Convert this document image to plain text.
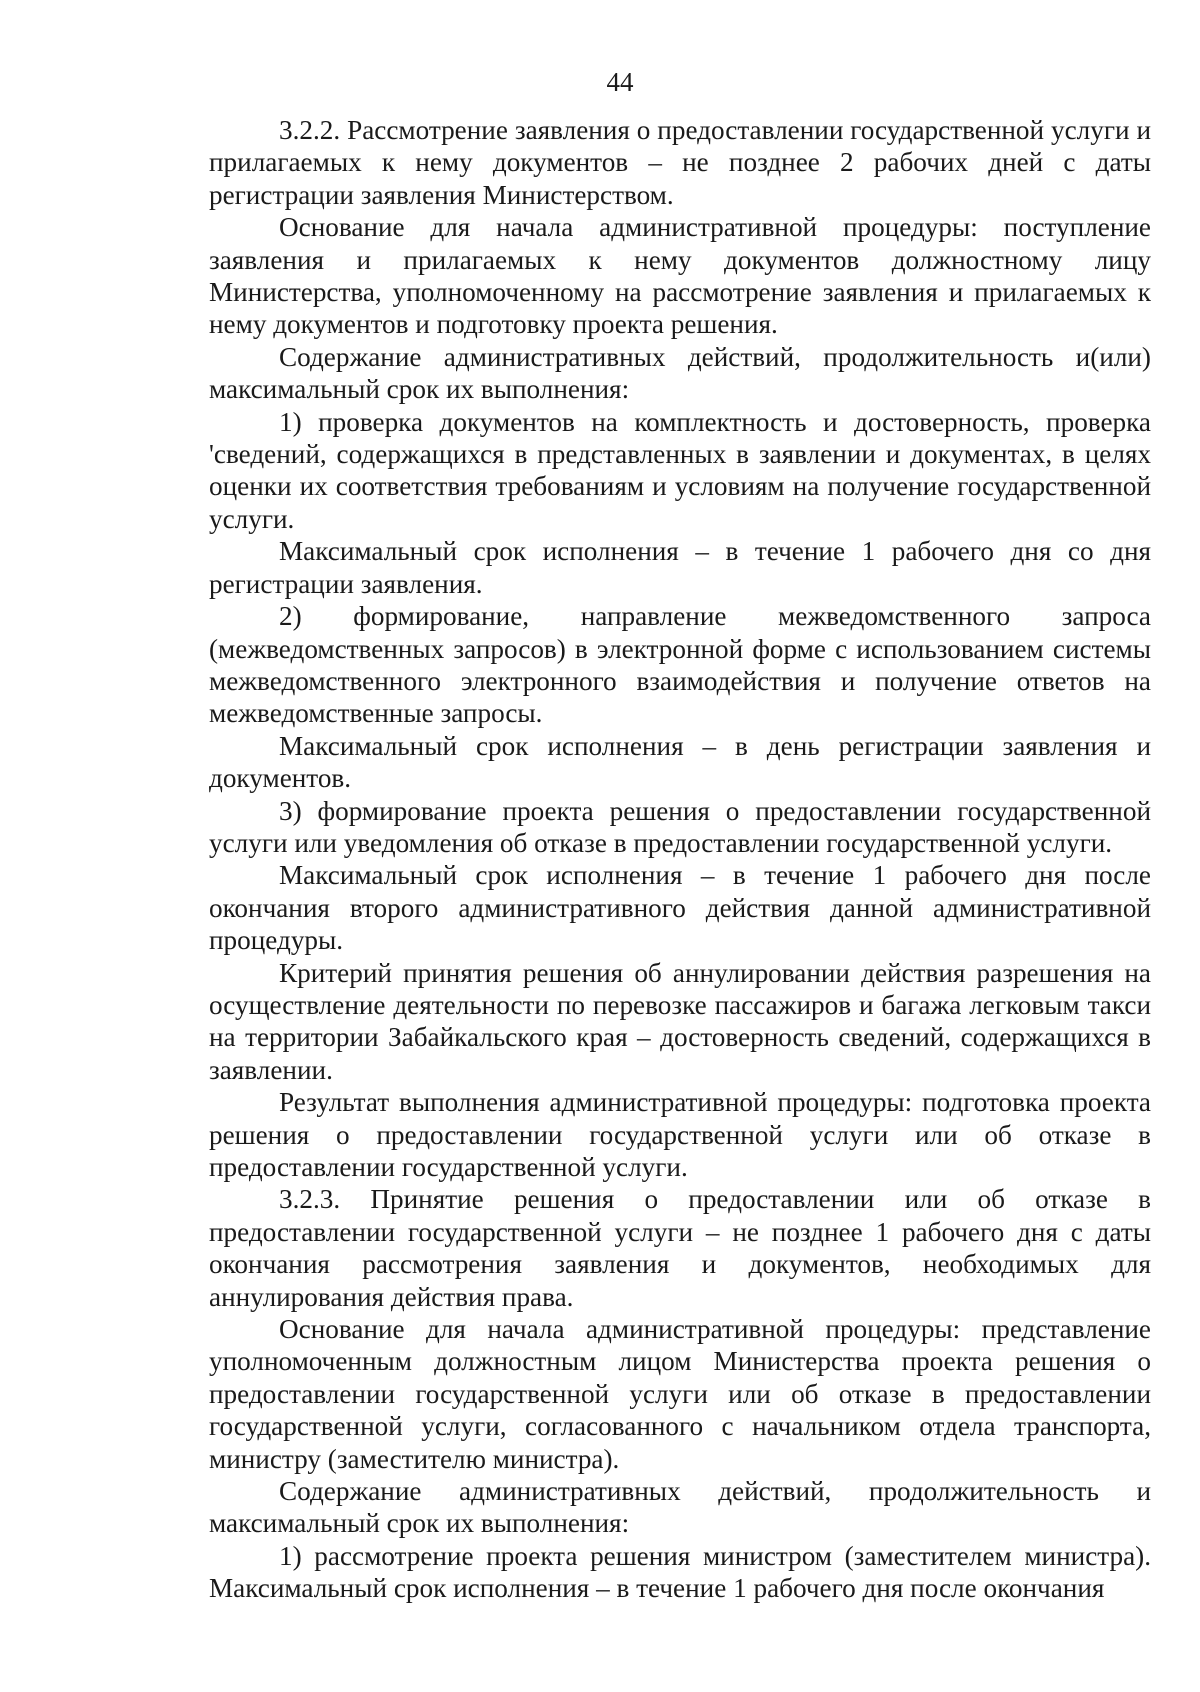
44

3.2.2. Рассмотрение заявления о предоставлении государственной услуги и прилагаемых к нему документов – не позднее 2 рабочих дней с даты регистрации заявления Министерством.

Основание для начала административной процедуры: поступление заявления и прилагаемых к нему документов должностному лицу Министерства, уполномоченному на рассмотрение заявления и прилагаемых к нему документов и подготовку проекта решения.

Содержание административных действий, продолжительность и(или) максимальный срок их выполнения:

1) проверка документов на комплектность и достоверность, проверка 'сведений, содержащихся в представленных в заявлении и документах, в целях оценки их соответствия требованиям и условиям на получение государственной услуги.

Максимальный срок исполнения – в течение 1 рабочего дня со дня регистрации заявления.

2) формирование, направление межведомственного запроса (межведомственных запросов) в электронной форме с использованием системы межведомственного электронного взаимодействия и получение ответов на межведомственные запросы.

Максимальный срок исполнения – в день регистрации заявления и документов.

3) формирование проекта решения о предоставлении государственной услуги или уведомления об отказе в предоставлении государственной услуги.

Максимальный срок исполнения – в течение 1 рабочего дня после окончания второго административного действия данной административной процедуры.

Критерий принятия решения об аннулировании действия разрешения на осуществление деятельности по перевозке пассажиров и багажа легковым такси на территории Забайкальского края – достоверность сведений, содержащихся в заявлении.

Результат выполнения административной процедуры: подготовка проекта решения о предоставлении государственной услуги или об отказе в предоставлении государственной услуги.

3.2.3. Принятие решения о предоставлении или об отказе в предоставлении государственной услуги – не позднее 1 рабочего дня с даты окончания рассмотрения заявления и документов, необходимых для аннулирования действия права.

Основание для начала административной процедуры: представление уполномоченным должностным лицом Министерства проекта решения о предоставлении государственной услуги или об отказе в предоставлении государственной услуги, согласованного с начальником отдела транспорта, министру (заместителю министра).

Содержание административных действий, продолжительность и максимальный срок их выполнения:

1) рассмотрение проекта решения министром (заместителем министра). Максимальный срок исполнения – в течение 1 рабочего дня после окончания
